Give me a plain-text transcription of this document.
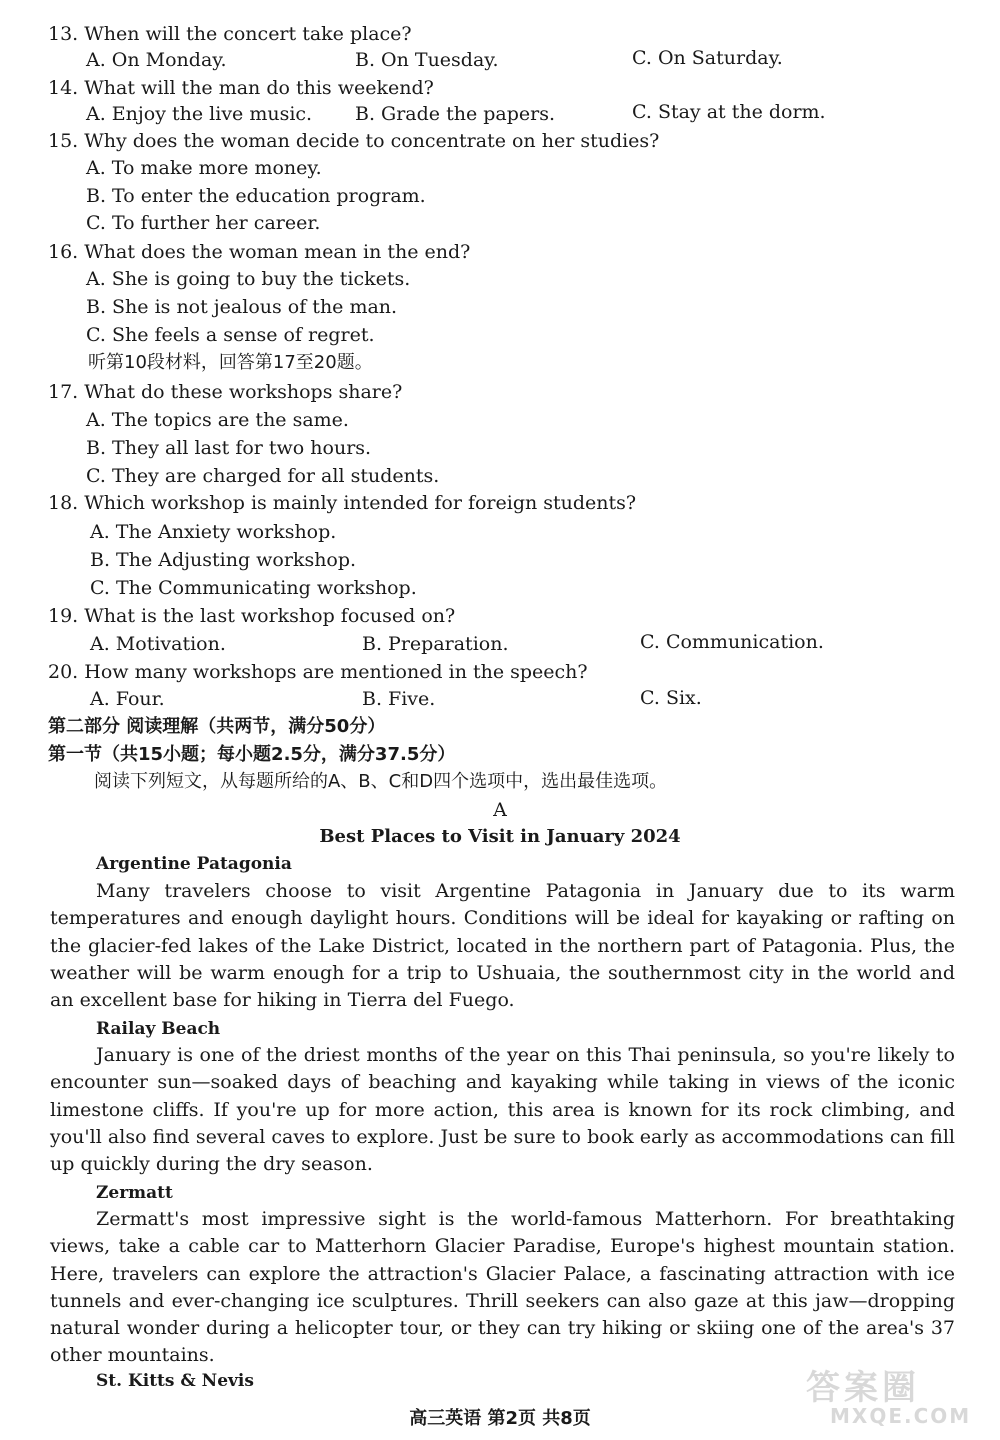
13. When will the concert take place?
A. On Monday.	B. On Tuesday.	C. On Saturday.
14. What will the man do this weekend?
A. Enjoy the live music. B. Grade the papers.	C. Stay at the dorm.
15. Why does the woman decide to concentrate on her studies?
A. To make more money.
B. To enter the education program.
C. To further her career.
16. What does the woman mean in the end?
A. She is going to buy the tickets.
B. She is not jealous of the man.
C. She feels a sense of regret.
听第10段材料，回答第17至20题。
17. What do these workshops share?
A. The topics are the same.
B. They all last for two hours.
C. They are charged for all students.
18. Which workshop is mainly intended for foreign students?
A. The Anxiety workshop.
B. The Adjusting workshop.
C. The Communicating workshop.
19. What is the last workshop focused on?
A. Motivation.	B. Preparation.	C. Communication.
20. How many workshops are mentioned in the speech?
A. Four.	B. Five.	C. Six.
第二部分 阅读理解（共两节，满分50分）
第一节（共15小题；每小题2.5分，满分37.5分）
阅读下列短文，从每题所给的A、B、C和D四个选项中，选出最佳选项。
A
Best Places to Visit in January 2024
Argentine Patagonia
Many travelers choose to visit Argentine Patagonia in January due to its warm temperatures and enough daylight hours. Conditions will be ideal for kayaking or rafting on the glacier-fed lakes of the Lake District, located in the northern part of Patagonia. Plus, the weather will be warm enough for a trip to Ushuaia, the southernmost city in the world and an excellent base for hiking in Tierra del Fuego.
Railay Beach
January is one of the driest months of the year on this Thai peninsula, so you're likely to encounter sun—soaked days of beaching and kayaking while taking in views of the iconic limestone cliffs. If you're up for more action, this area is known for its rock climbing, and you'll also find several caves to explore. Just be sure to book early as accommodations can fill up quickly during the dry season.
Zermatt
Zermatt's most impressive sight is the world-famous Matterhorn. For breathtaking views, take a cable car to Matterhorn Glacier Paradise, Europe's highest mountain station. Here, travelers can explore the attraction's Glacier Palace, a fascinating attraction with ice tunnels and ever-changing ice sculptures. Thrill seekers can also gaze at this jaw—dropping natural wonder during a helicopter tour, or they can try hiking or skiing one of the area's 37 other mountains.
St. Kitts & Nevis
高三英语 第2页 共8页
答案圈
MXQE.COM
